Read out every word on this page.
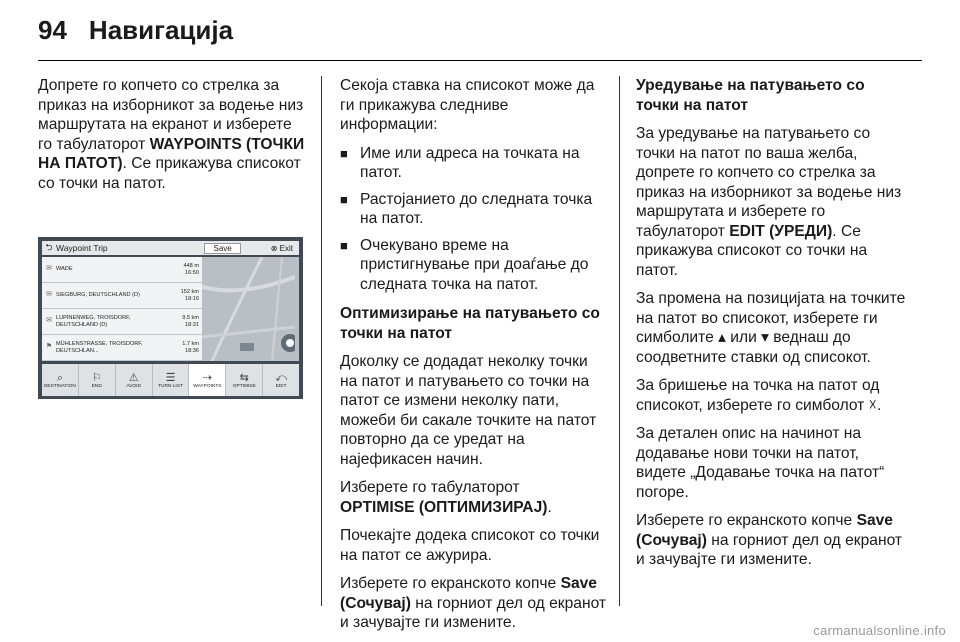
94 Навигација

Допрете го копчето со стрелка за приказ на изборникот за водење низ маршрутата на екранот и изберете го табулаторот WAYPOINTS (ТОЧКИ НА ПАТОТ). Се прикажува списокот со точки на патот.

⮌ Waypoint Trip	Save	⊗ Exit
✉ WADE
448 m
16:50
✉ SIEGBURG, DEUTSCHLAND (D)
152 km
18:16
✉ LUPINENWEG, TROISDORF, DEUTSCHLAND (D)
9.5 km
18:31
⚑ MÜHLENSTRASSE, TROISDORF, DEUTSCHLAN...
1.7 km
18:36
⌕
DESTINATION
⚐
END
⚠
AVOID
☰
TURN LIST
⇢
WAYPOINTS
⇆
OPTIMISE
⤺
EDIT

Секоја ставка на списокот може да ги прикажува следниве информации:

■ Име или адреса на точката на патот.
■ Растојанието до следната точка на патот.
■ Очекувано време на пристигнување при доаѓање до следната точка на патот.

Оптимизирање на патувањето со точки на патот

Доколку се додадат неколку точки на патот и патувањето со точки на патот се измени неколку пати, можеби би сакале точките на патот повторно да се уредат на најефикасен начин.

Изберете го табулаторот
OPTIMISE (ОПТИМИЗИРАЈ).

Почекајте додека списокот со точки на патот се ажурира.

Изберете го екранското копче Save (Сочувај) на горниот дел од екранот и зачувајте ги измените.

Уредување на патувањето со точки на патот

За уредување на патувањето со точки на патот по ваша желба, допрете го копчето со стрелка за приказ на изборникот за водење низ маршрутата и изберете го табулаторот EDIT (УРЕДИ). Се прикажува списокот со точки на патот.

За промена на позицијата на точките на патот во списокот, изберете ги симболите ▴ или ▾ веднаш до соодветните ставки од списокот.

За бришење на точка на патот од списокот, изберете го симболот ☓.

За детален опис на начинот на додавање нови точки на патот, видете „Додавање точка на патот“ погоре.

Изберете го екранското копче Save (Сочувај) на горниот дел од екранот и зачувајте ги измените.

carmanualsonline.info
